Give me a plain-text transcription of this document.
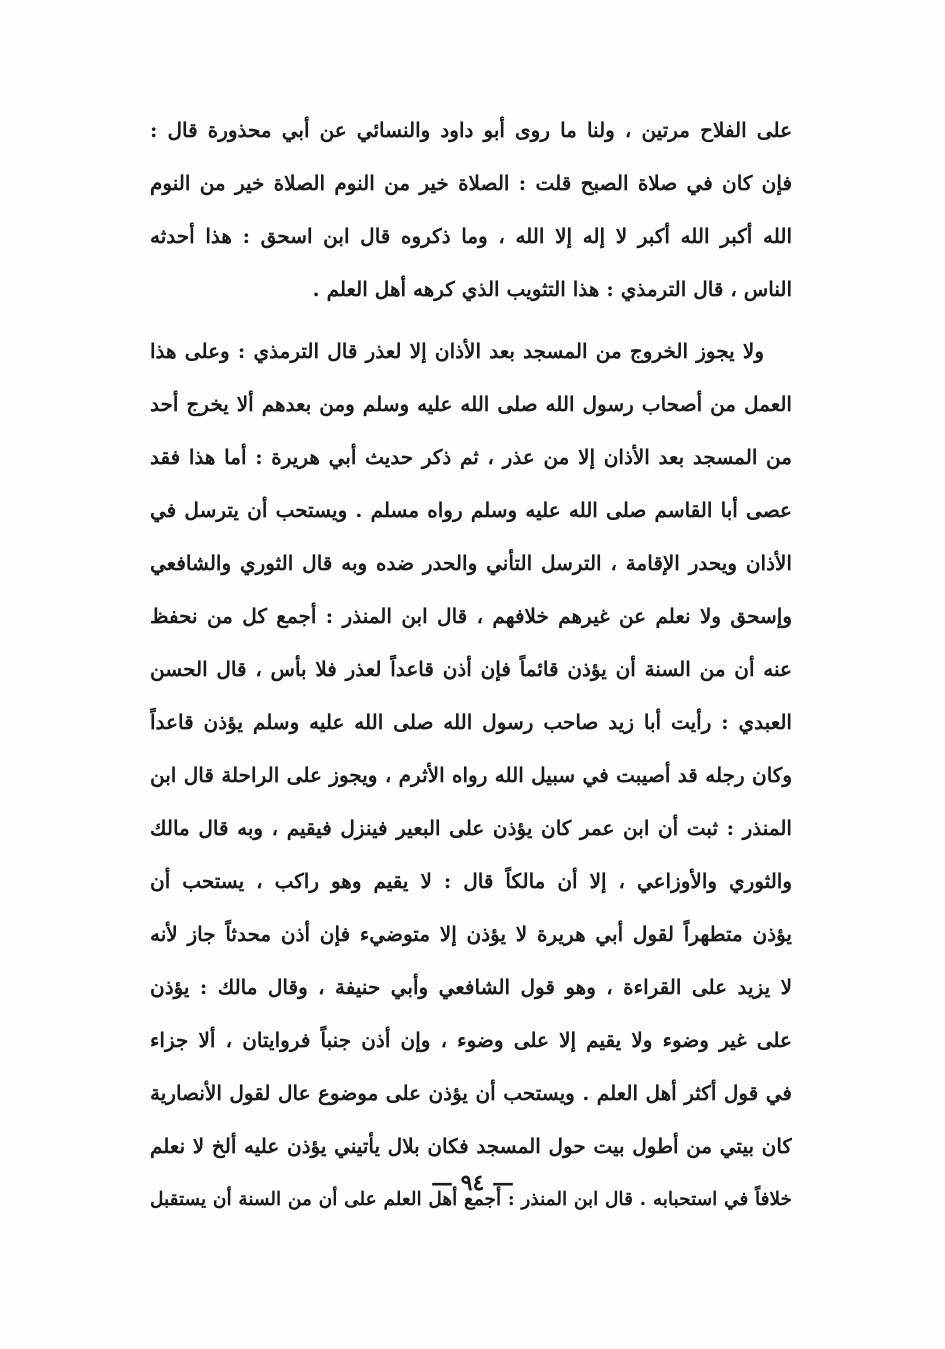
على الفلاح مرتين ، ولنا ما روى أبو داود والنسائي عن أبي محذورة قال :
فإن كان في صلاة الصبح قلت : الصلاة خير من النوم الصلاة خير من النوم
الله أكبر الله أكبر لا إله إلا الله ، وما ذكروه قال ابن اسحق : هذا أحدثه
الناس ، قال الترمذي : هذا التثويب الذي كرهه أهل العلم .
ولا يجوز الخروج من المسجد بعد الأذان إلا لعذر قال الترمذي : وعلى هذا
العمل من أصحاب رسول الله صلى الله عليه وسلم ومن بعدهم ألا يخرج أحد
من المسجد بعد الأذان إلا من عذر ، ثم ذكر حديث أبي هريرة : أما هذا فقد
عصى أبا القاسم صلى الله عليه وسلم رواه مسلم . ويستحب أن يترسل في
الأذان ويحدر الإقامة ، الترسل التأني والحدر ضده وبه قال الثوري والشافعي
وإسحق ولا نعلم عن غيرهم خلافهم ، قال ابن المنذر : أجمع كل من نحفظ
عنه أن من السنة أن يؤذن قائماً فإن أذن قاعداً لعذر فلا بأس ، قال الحسن
العبدي : رأيت أبا زيد صاحب رسول الله صلى الله عليه وسلم يؤذن قاعداً
وكان رجله قد أصيبت في سبيل الله رواه الأثرم ، ويجوز على الراحلة قال ابن
المنذر : ثبت أن ابن عمر كان يؤذن على البعير فينزل فيقيم ، وبه قال مالك
والثوري والأوزاعي ، إلا أن مالكاً قال : لا يقيم وهو راكب ، يستحب أن
يؤذن متطهراً لقول أبي هريرة لا يؤذن إلا متوضيء فإن أذن محدثاً جاز لأنه
لا يزيد على القراءة ، وهو قول الشافعي وأبي حنيفة ، وقال مالك : يؤذن
على غير وضوء ولا يقيم إلا على وضوء ، وإن أذن جنباً فروايتان ، ألا جزاء
في قول أكثر أهل العلم . ويستحب أن يؤذن على موضوع عال لقول الأنصارية
كان بيتي من أطول بيت حول المسجد فكان بلال يأتيني يؤذن عليه ألخ لا نعلم
خلافاً في استحبابه . قال ابن المنذر : أجمع أهل العلم على أن من السنة أن يستقبل
— ٩٤ —
